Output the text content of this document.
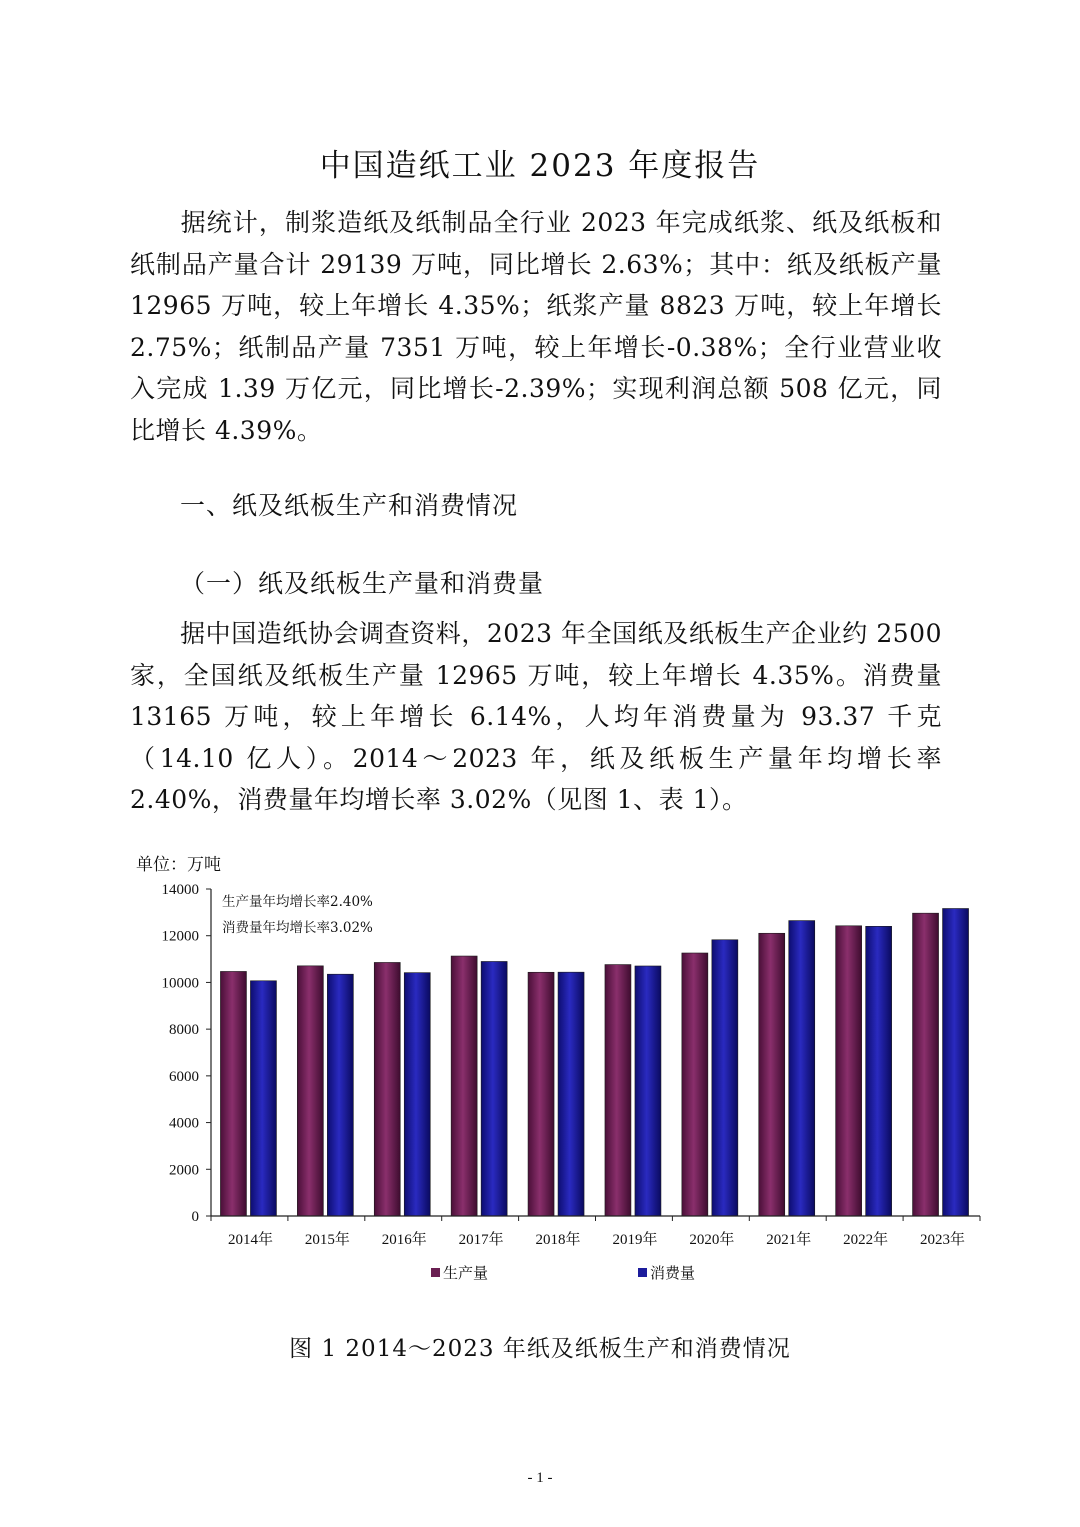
中国造纸工业 2023 年度报告

据统计，制浆造纸及纸制品全行业 2023 年完成纸浆、纸及纸板和纸制品产量合计 29139 万吨，同比增长 2.63%；其中：纸及纸板产量 12965 万吨，较上年增长 4.35%；纸浆产量 8823 万吨，较上年增长 2.75%；纸制品产量 7351 万吨，较上年增长-0.38%；全行业营业收入完成 1.39 万亿元，同比增长-2.39%；实现利润总额 508 亿元，同比增长 4.39%。

一、纸及纸板生产和消费情况
（一）纸及纸板生产量和消费量

据中国造纸协会调查资料，2023 年全国纸及纸板生产企业约 2500 家，全国纸及纸板生产量 12965 万吨，较上年增长 4.35%。消费量 13165 万吨，较上年增长 6.14%，人均年消费量为 93.37 千克（14.10 亿人）。2014～2023 年，纸及纸板生产量年均增长率 2.40%，消费量年均增长率 3.02%（见图 1、表 1）。

单位：万吨
生产量年均增长率2.40%
消费量年均增长率3.02%
0
2000
4000
6000
8000
10000
12000
14000
2014年 2015年 2016年 2017年 2018年 2019年 2020年 2021年 2022年 2023年
生产量	消费量
图 1 2014～2023 年纸及纸板生产和消费情况
- 1 -
